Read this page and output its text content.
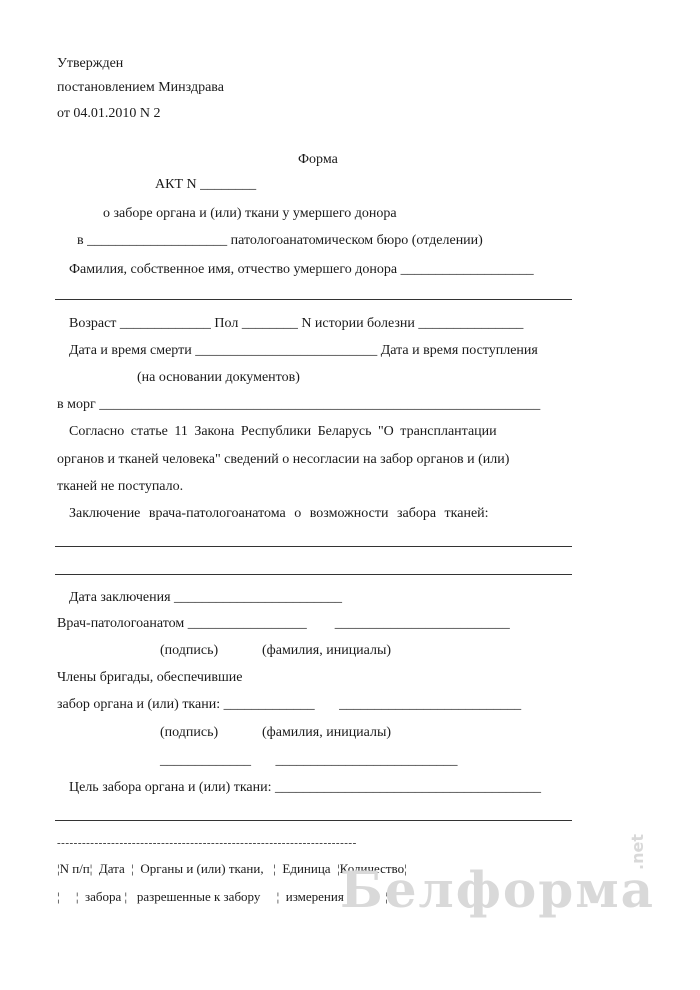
Утвержден
постановлением Минздрава
от 04.01.2010 N 2
Форма
АКТ N ________
о заборе органа и (или) ткани у умершего донора
в ____________________ патологоанатомическом бюро (отделении)
Фамилия, собственное имя, отчество умершего донора ___________________
Возраст _____________ Пол ________ N истории болезни _______________
Дата и время смерти __________________________ Дата и время поступления
(на основании документов)
в морг _______________________________________________________________
Согласно статье 11 Закона Республики Беларусь "О трансплантации
органов и тканей человека" сведений о несогласии на забор органов и (или)
тканей не поступало.
Заключение врача-патологоанатома о возможности забора тканей:
Дата заключения ________________________
Врач-патологоанатом _________________        _________________________
(подпись)	(фамилия, инициалы)
Члены бригады, обеспечившие
забор органа и (или) ткани: _____________       __________________________
(подпись)	(фамилия, инициалы)
_____________       __________________________
Цель забора органа и (или) ткани: ______________________________________
------------------------------------------------------------------------
¦N п/п¦  Дата  ¦  Органы и (или) ткани,   ¦  Единица  ¦Количество¦
¦     ¦  забора ¦   разрешенные к забору     ¦  измерения  ¦          ¦
Белформа
.net
